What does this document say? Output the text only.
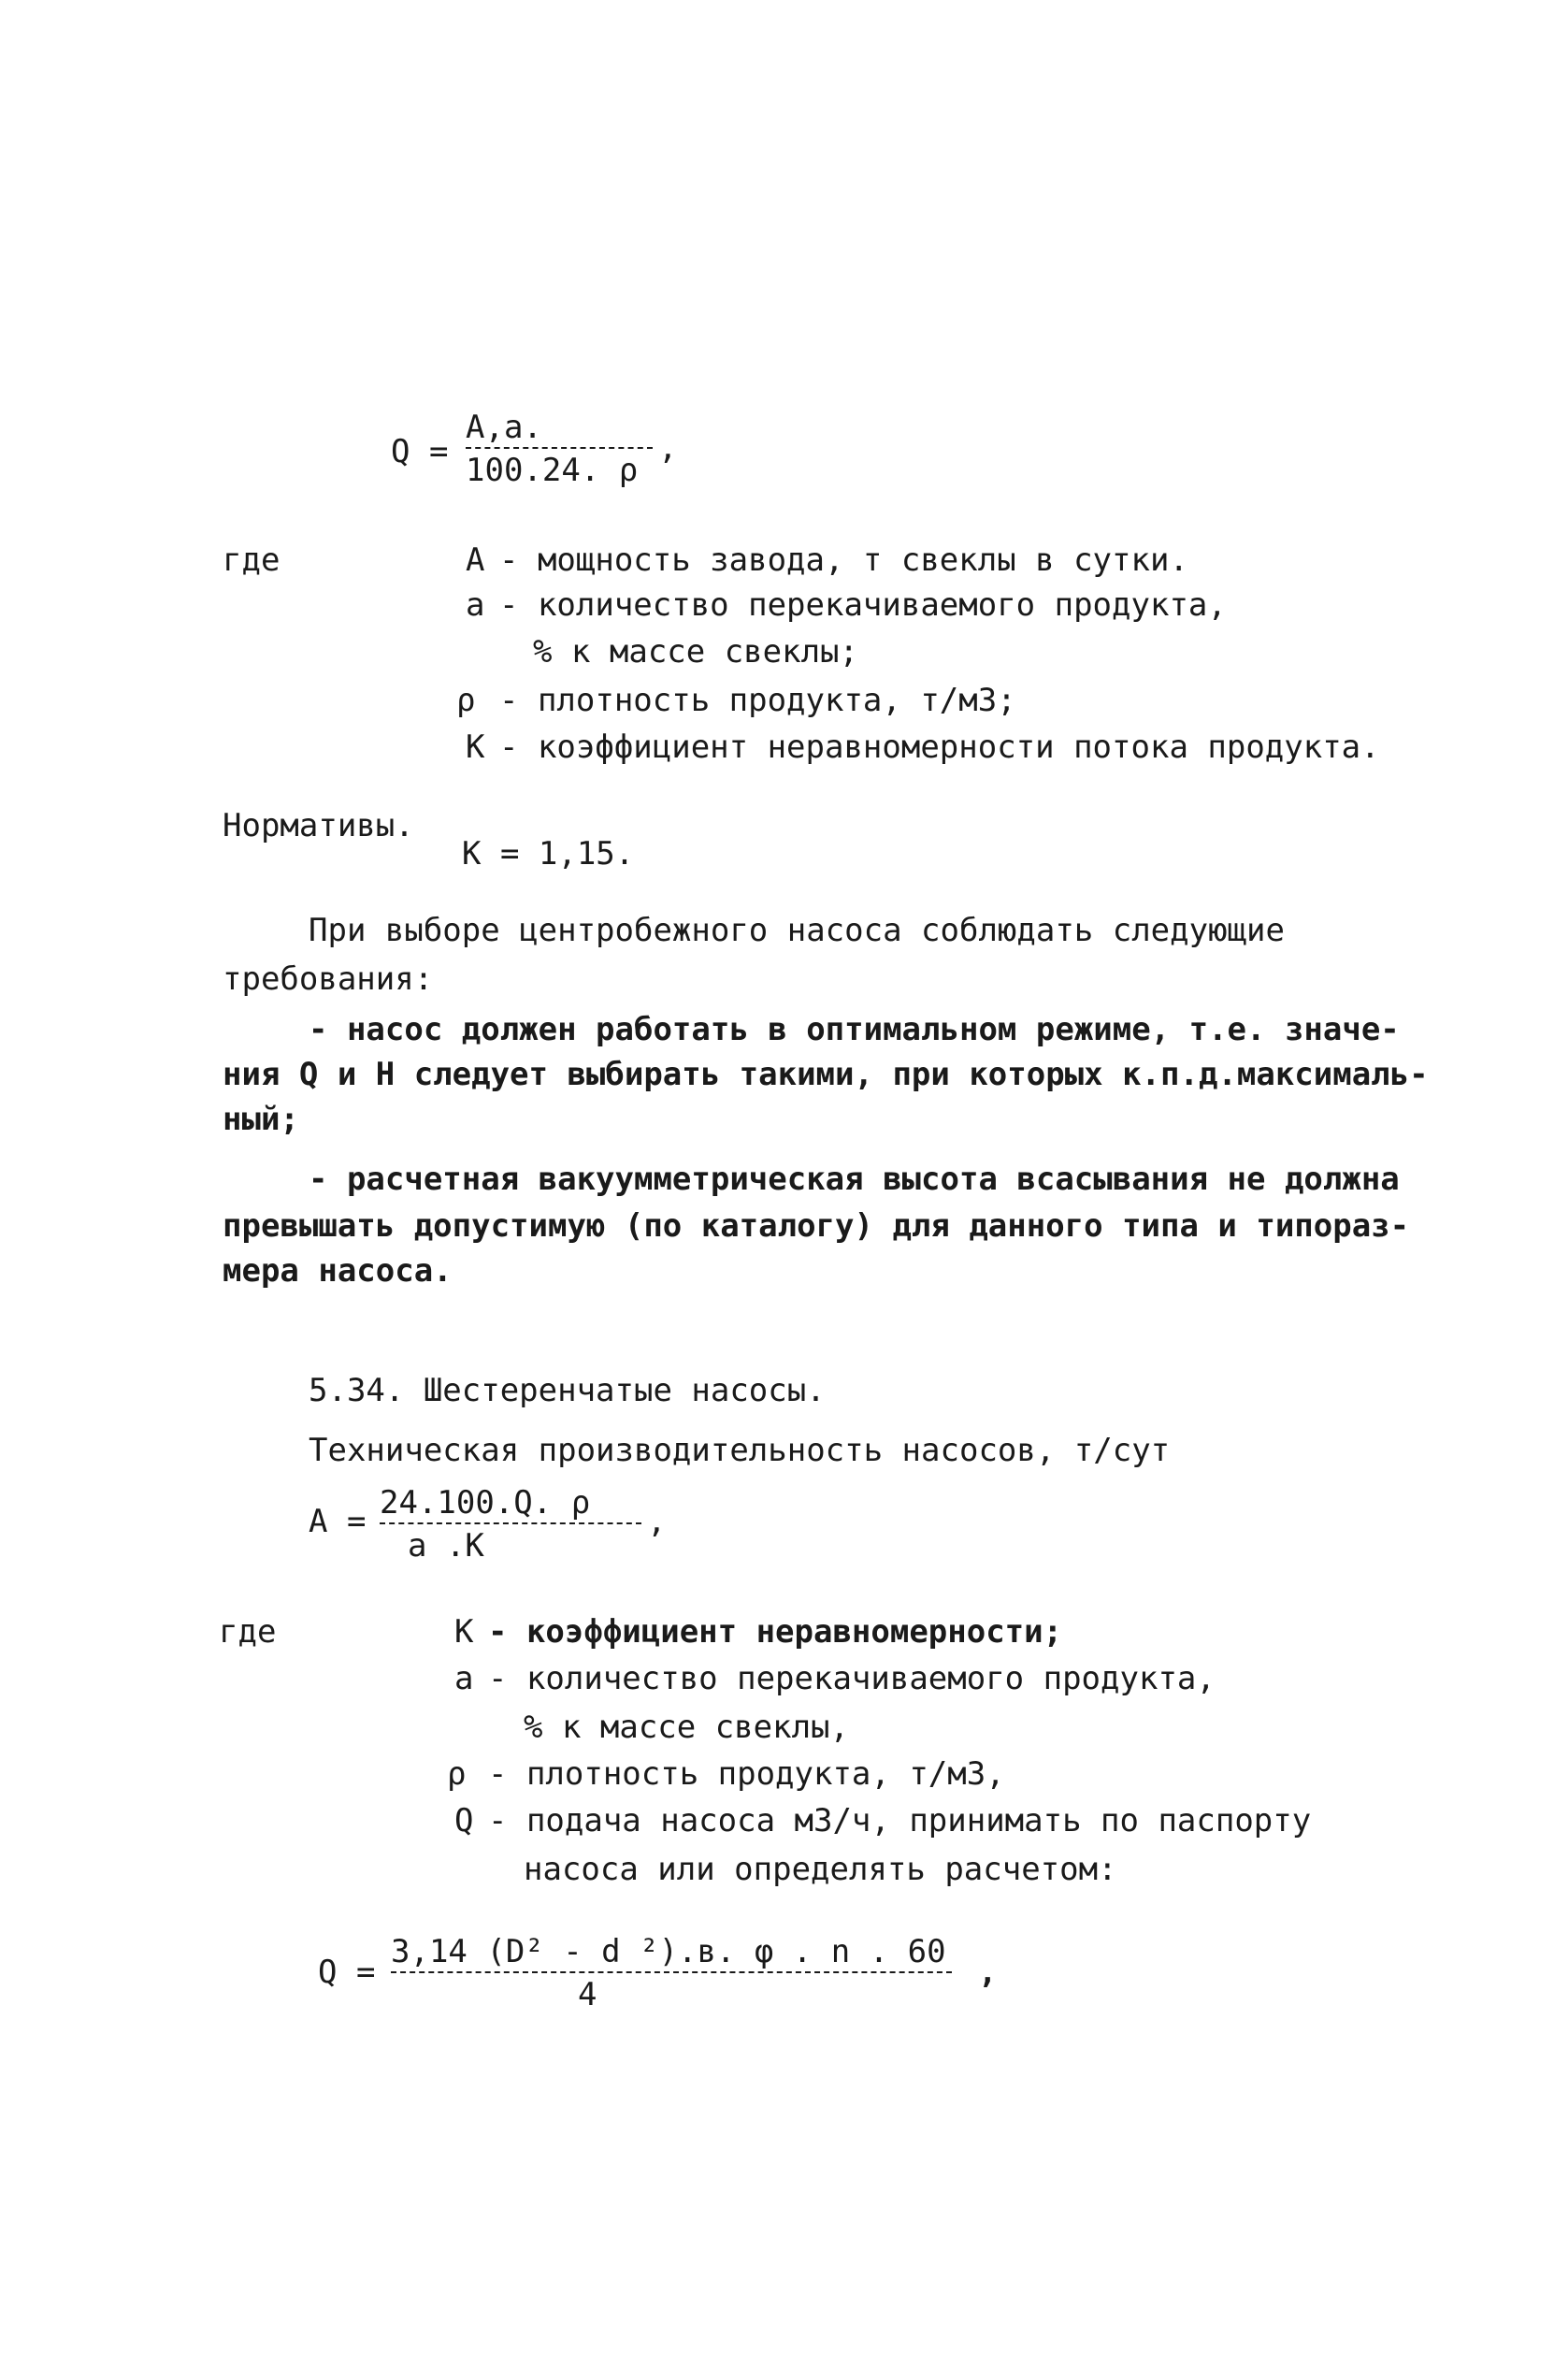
$Q = \frac{A,a.}{100.24. \rho}$ ,
где	A - мощность завода, т свеклы в сутки.
a - количество перекачиваемого продукта,
% к массе свеклы;
ρ - плотность продукта, т/м3;
K - коэффициент неравномерности потока продукта.
Нормативы.
K = 1,15.
При выборе центробежного насоса соблюдать следующие
требования:
- насос должен работать в оптимальном режиме, т.е. значе-
ния Q и H следует выбирать такими, при которых к.п.д.максималь-
ный;
- расчетная вакуумметрическая высота всасывания не должна
превышать допустимую (по каталогу) для данного типа и типораз-
мера насоса.
5.34. Шестеренчатые насосы.
Техническая производительность насосов, т/сут
$A = \frac{24.100.Q. \rho}{a .K}$ ,
где	K - коэффициент неравномерности;
a - количество перекачиваемого продукта,
% к массе свеклы,
ρ - плотность продукта, т/м3,
Q - подача насоса м3/ч, принимать по паспорту
насоса или определять расчетом:
Q =
3,14 (D² - d ²).в. φ . n . 60
4
,
